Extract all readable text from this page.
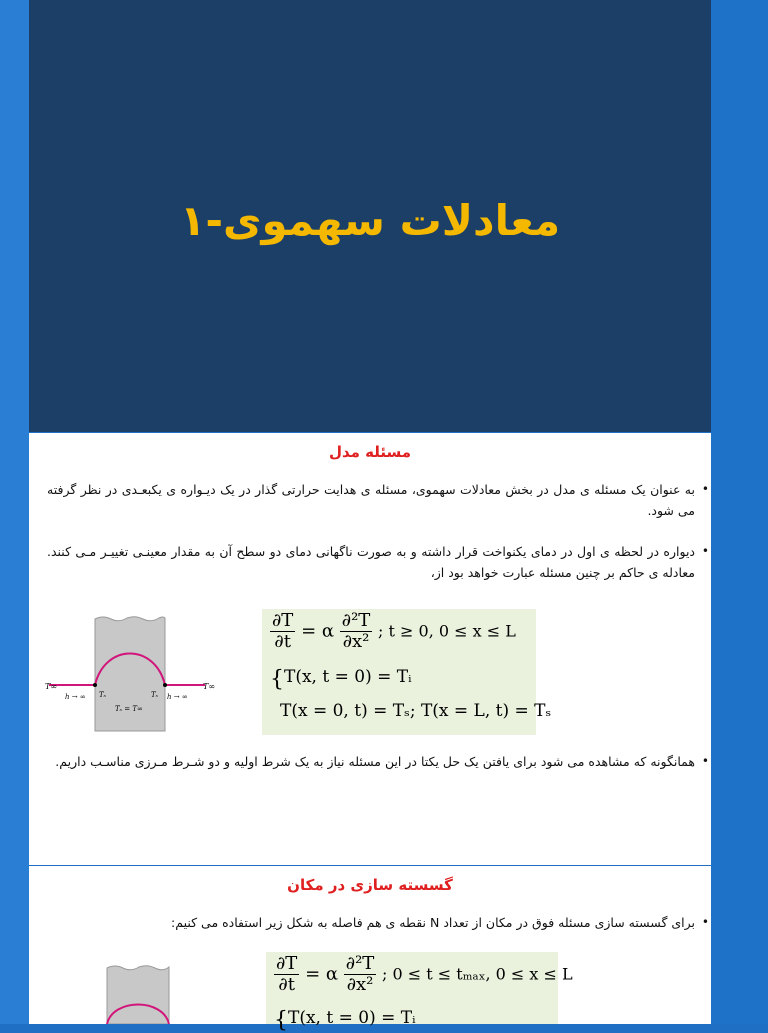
معادلات سهموی-۱
مسئله مدل
• به عنوان یک مسئله ی مدل در بخش معادلات سهموی، مسئله ی هدایت حرارتی گذار در یک دیـواره ی یکبعـدی در نظر گرفته می شود.
• دیواره در لحظه ی اول در دمای یکنواخت قرار داشته و به صورت ناگهانی دمای دو سطح آن به مقدار معینـی تغییـر مـی کنند. معادله ی حاکم بر چنین مسئله عبارت خواهد بود از،
T∞
Tₛ	Tₛ
T∞
h → ∞	h → ∞
Tₛ = T∞
$\frac{\partial T}{\partial t} = \alpha \frac{\text{∂²T}}{\text{∂x²}}$ ; t ≥ 0, 0 ≤ x ≤ L
{T(x, t = 0) = Tᵢ
T(x = 0, t) = Tₛ; T(x = L, t) = Tₛ
• همانگونه که مشاهده می شود برای یافتن یک حل یکتا در این مسئله نیاز به یک شرط اولیه و دو شـرط مـرزی مناسـب داریم.
گسسته سازی در مکان
• برای گسسته سازی مسئله فوق در مکان از تعداد N نقطه ی هم فاصله به شکل زیر استفاده می کنیم:
$\frac{\partial T}{\partial t} = \alpha \frac{\text{∂²T}}{\text{∂x²}}$ ; 0 ≤ t ≤ tₘₐₓ, 0 ≤ x ≤ L
{T(x, t = 0) = Tᵢ
